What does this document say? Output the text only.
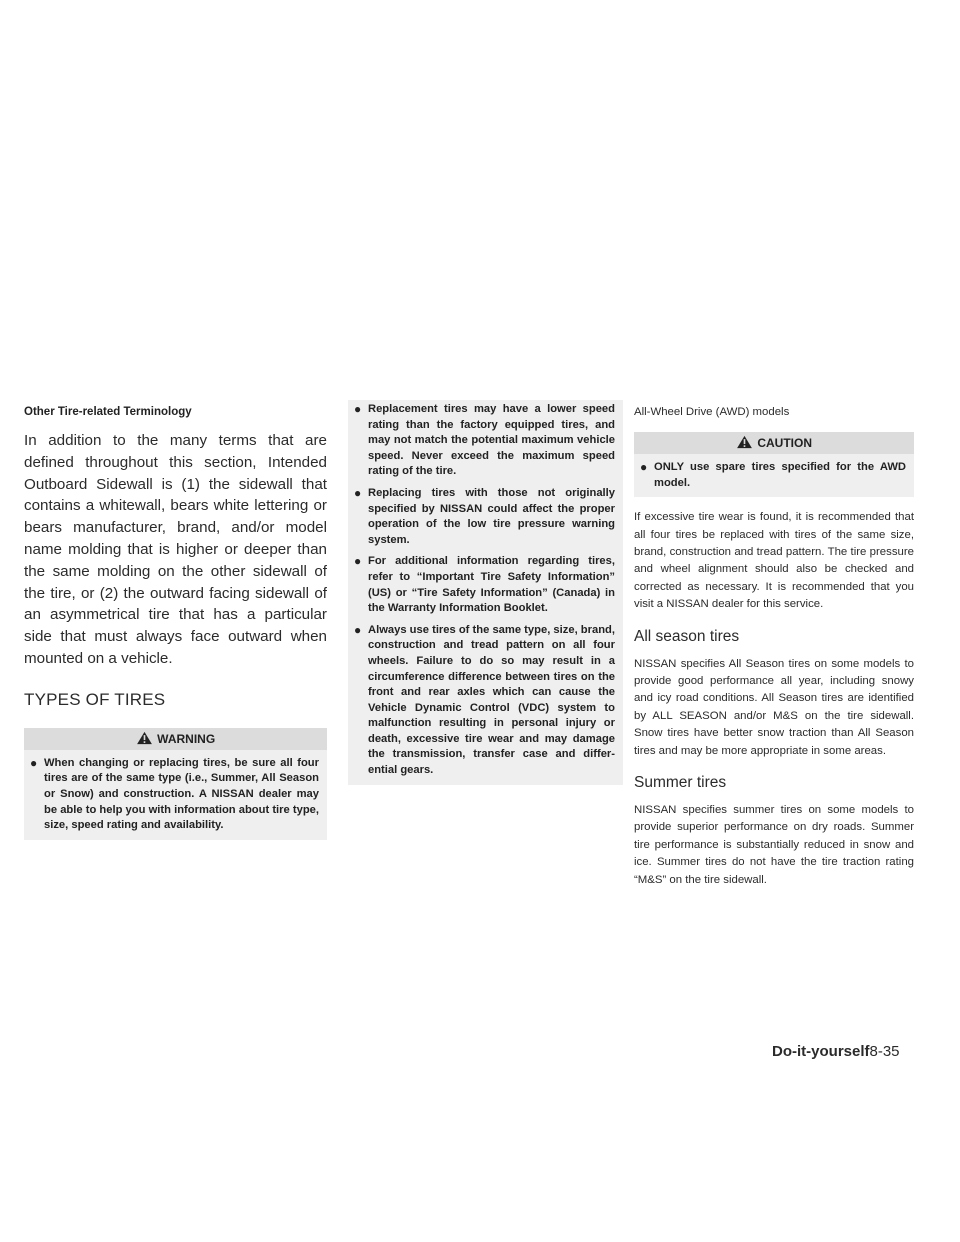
Other Tire-related Terminology

In addition to the many terms that are defined throughout this section, Intended Outboard Sidewall is (1) the sidewall that contains a whitewall, bears white lettering or bears manufacturer, brand, and/or model name molding that is higher or deeper than the same molding on the other sidewall of the tire, or (2) the outward facing sidewall of an asymmetrical tire that has a particular side that must always face outward when mounted on a vehicle.

TYPES OF TIRES
WARNING
● When changing or replacing tires, be sure all four tires are of the same type (i.e., Summer, All Season or Snow) and construction. A NISSAN dealer may be able to help you with information about tire type, size, speed rating and availability.
● Replacement tires may have a lower speed rating than the factory equipped tires, and may not match the potential maximum vehicle speed. Never exceed the maximum speed rating of the tire.
● Replacing tires with those not originally specified by NISSAN could affect the proper operation of the low tire pressure warning system.
● For additional information regarding tires, refer to “Important Tire Safety Information” (US) or “Tire Safety Information” (Canada) in the Warranty Information Booklet.
● Always use tires of the same type, size, brand, construction and tread pattern on all four wheels. Failure to do so may result in a circumference difference between tires on the front and rear axles which can cause the Vehicle Dynamic Control (VDC) system to malfunction resulting in personal injury or death, excessive tire wear and may damage the transmission, transfer case and differential gears.
All-Wheel Drive (AWD) models
CAUTION
● ONLY use spare tires specified for the AWD model.

If excessive tire wear is found, it is recommended that all four tires be replaced with tires of the same size, brand, construction and tread pattern. The tire pressure and wheel alignment should also be checked and corrected as necessary. It is recommended that you visit a NISSAN dealer for this service.

All season tires

NISSAN specifies All Season tires on some models to provide good performance all year, including snowy and icy road conditions. All Season tires are identified by ALL SEASON and/or M&S on the tire sidewall. Snow tires have better snow traction than All Season tires and may be more appropriate in some areas.

Summer tires

NISSAN specifies summer tires on some models to provide superior performance on dry roads. Summer tire performance is substantially reduced in snow and ice. Summer tires do not have the tire traction rating “M&S” on the tire sidewall.

Do-it-yourself8-35
